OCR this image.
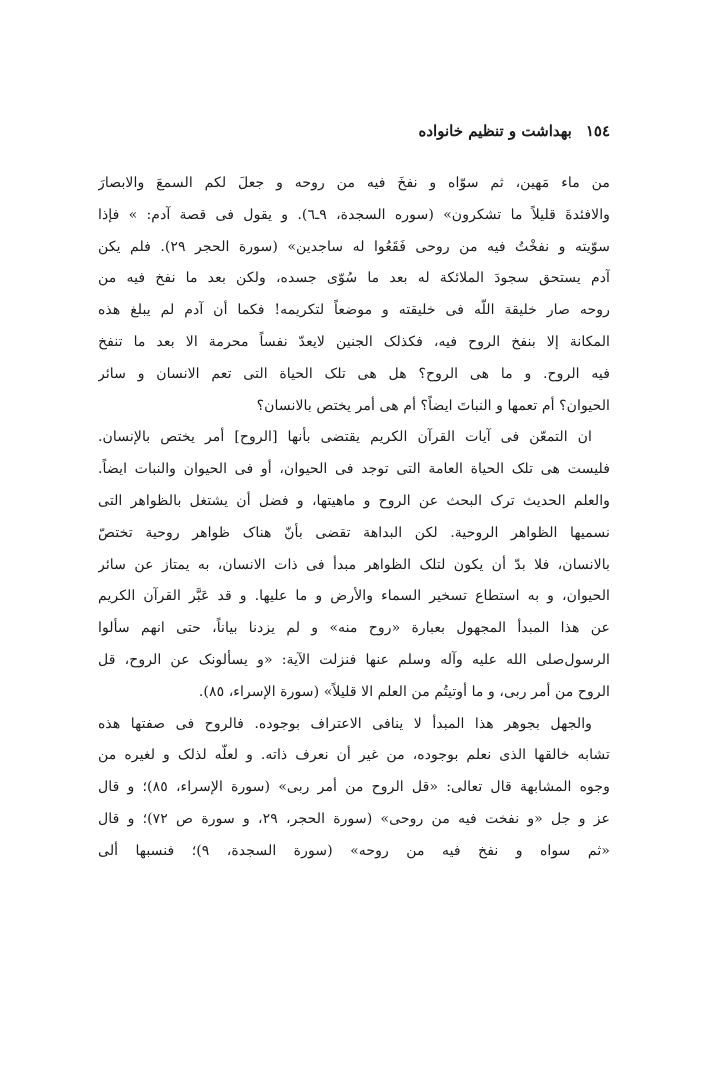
١٥٤
بهداشت و تنظیم خانواده
من ماء مَهین، ثم سوّاه و نفخَ فیه من روحه و جعلَ لکم السمعَ والابصارَ
والافئدةَ قلیلاً ما تشکرون» (سوره السجدة، ٩ـ٦). و یقول فی قصة آدم: » فإذا
سوّیته و نفخْتُ فیه من روحی فَقَعُوا له ساجدین» (سورة الحجر ٢٩). فلم یکن
آدم یستحق سجودَ الملائکة له بعد ما سُوّی جسده، ولکن بعد ما نفخ فیه من
روحه صار خلیقة اللّه فی خلیقته و موضعاً لتکریمه! فکما أن آدم لم یبلغ هذه
المکانة إلا بنفخ الروح فیه، فکذلک الجنین لایعدّ نفساً محرمة الا بعد ما تنفخ
فیه الروح. و ما هی الروح؟ هل هی تلک الحیاة التی تعم الانسان و سائر
الحیوان؟ أم تعمها و النباتَ ایضاً؟ أم هی أمر یختص بالانسان؟
ان التمعّن فی آیات القرآن الکریم یقتضی بأنها [الروح] أمر یختص بالإنسان.
فلیست هی تلک الحیاة العامة التی توجد فی الحیوان، أو فی الحیوان والنبات ایضاً.
والعلم الحدیث ترک البحث عن الروح و ماهیتها، و فضل أن یشتغل بالظواهر التی
نسمیها الظواهر الروحیة. لکن البداهة تقضی بأنّ هناک ظواهر روحیة تختصّ
بالانسان، فلا بدّ أن یکون لتلک الظواهر مبدأ فی ذات الانسان، به یمتاز عن سائر
الحیوان، و به استطاع تسخیر السماء والأرض و ما علیها. و قد عَبَّر القرآن الکریم
عن هذا المبدأ المجهول بعبارة «روح منه» و لم یزدنا بیاناً، حتی انهم سألوا
الرسول‌صلی الله علیه وآله وسلم عنها فنزلت الآیة: «و یسألونک عن الروح، قل
الروح من أمر ربی، و ما أوتیتُم من العلم الا قلیلاً» (سورة الإسراء، ٨٥).
والجهل بجوهر هذا المبدأ لا ینافی الاعتراف بوجوده. فالروح فی صفتها هذه
تشابه خالقها الذی نعلم بوجوده، من غیر أن نعرف ذاته. و لعلّه لذلک و لغیره من
وجوه المشابهة قال تعالی: «قل الروح من أمر ربی» (سورة الإسراء، ٨٥)؛ و قال
عز و جل «و نفخت فیه من روحی» (سورة الحجر، ٢٩، و سورة ص ٧٢)؛ و قال
«ثم سواه و نفخ فیه من روحه» (سورة السجدة، ٩)؛ فنسبها ألی
